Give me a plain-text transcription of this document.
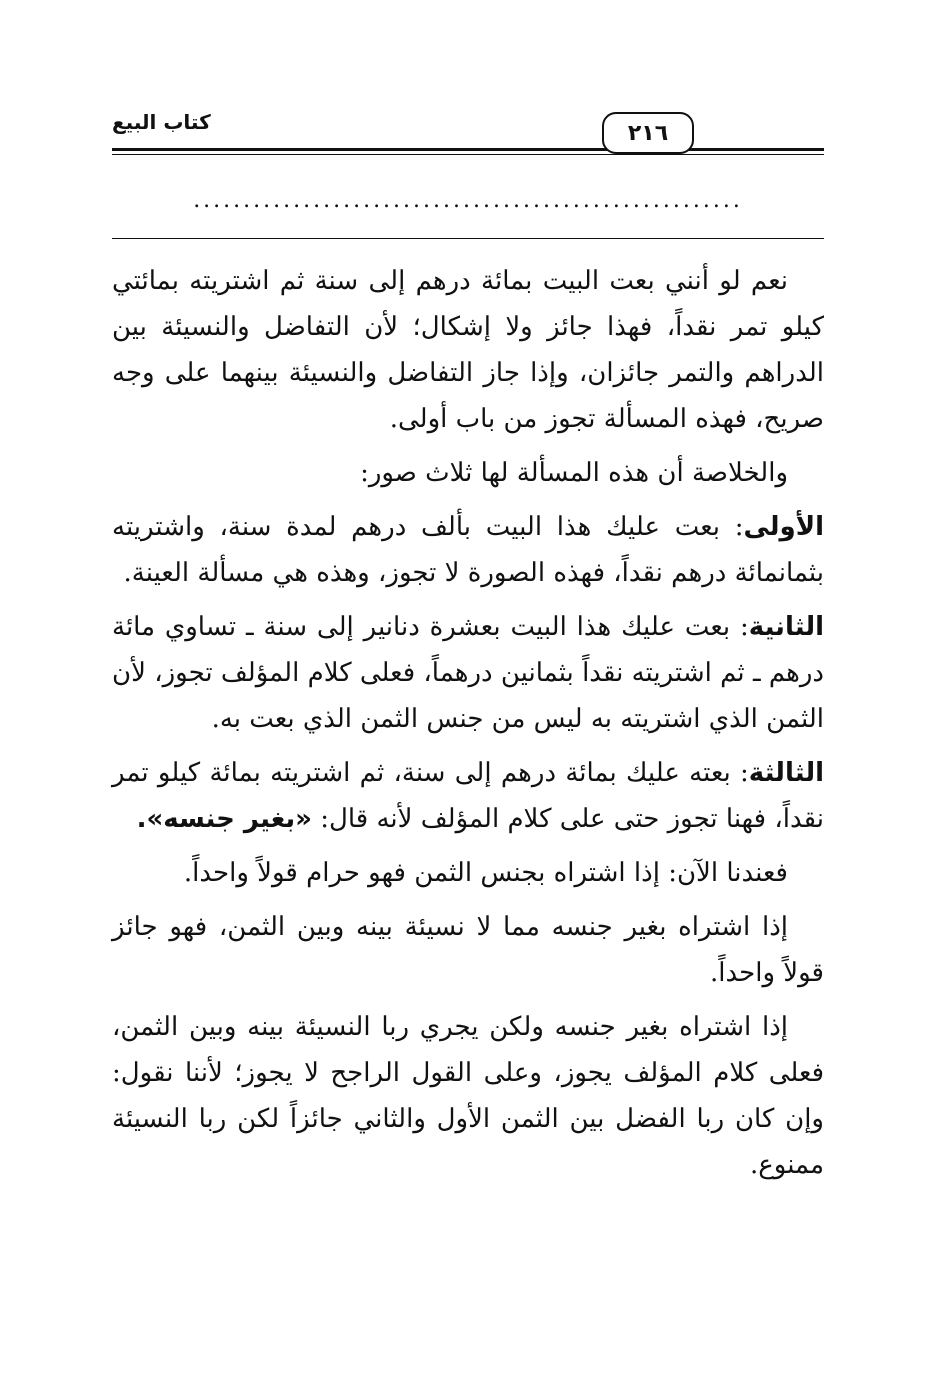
كتاب البيع	٢١٦
.......................................................

نعم لو أنني بعت البيت بمائة درهم إلى سنة ثم اشتريته بمائتي كيلو تمر نقداً، فهذا جائز ولا إشكال؛ لأن التفاضل والنسيئة بين الدراهم والتمر جائزان، وإذا جاز التفاضل والنسيئة بينهما على وجه صريح، فهذه المسألة تجوز من باب أولى.

والخلاصة أن هذه المسألة لها ثلاث صور:

الأولى: بعت عليك هذا البيت بألف درهم لمدة سنة، واشتريته بثمانمائة درهم نقداً، فهذه الصورة لا تجوز، وهذه هي مسألة العينة.

الثانية: بعت عليك هذا البيت بعشرة دنانير إلى سنة ـ تساوي مائة درهم ـ ثم اشتريته نقداً بثمانين درهماً، فعلى كلام المؤلف تجوز، لأن الثمن الذي اشتريته به ليس من جنس الثمن الذي بعت به.

الثالثة: بعته عليك بمائة درهم إلى سنة، ثم اشتريته بمائة كيلو تمر نقداً، فهنا تجوز حتى على كلام المؤلف لأنه قال: «بغير جنسه».

فعندنا الآن: إذا اشتراه بجنس الثمن فهو حرام قولاً واحداً.

إذا اشتراه بغير جنسه مما لا نسيئة بينه وبين الثمن، فهو جائز قولاً واحداً.

إذا اشتراه بغير جنسه ولكن يجري ربا النسيئة بينه وبين الثمن، فعلى كلام المؤلف يجوز، وعلى القول الراجح لا يجوز؛ لأننا نقول: وإن كان ربا الفضل بين الثمن الأول والثاني جائزاً لكن ربا النسيئة ممنوع.
